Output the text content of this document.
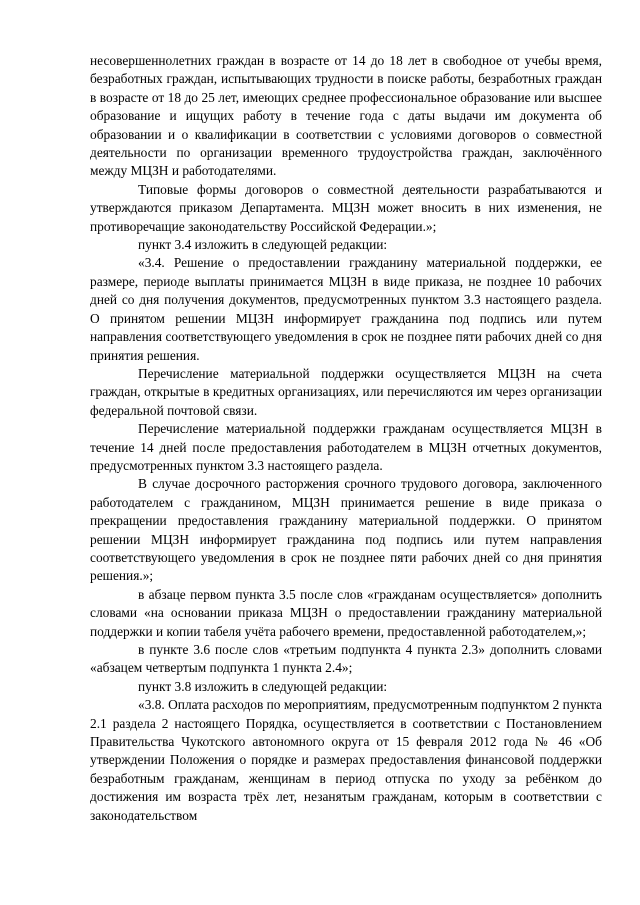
несовершеннолетних граждан в возрасте от 14 до 18 лет в свободное от учебы время, безработных граждан, испытывающих трудности в поиске работы, безработных граждан в возрасте от 18 до 25 лет, имеющих среднее профессиональное образование или высшее образование и ищущих работу в течение года с даты выдачи им документа об образовании и о квалификации в соответствии с условиями договоров о совместной деятельности по организации временного трудоустройства граждан, заключённого между МЦЗН и работодателями.

Типовые формы договоров о совместной деятельности разрабатываются и утверждаются приказом Департамента. МЦЗН может вносить в них изменения, не противоречащие законодательству Российской Федерации.»;

пункт 3.4 изложить в следующей редакции:

«3.4. Решение о предоставлении гражданину материальной поддержки, ее размере, периоде выплаты принимается МЦЗН в виде приказа, не позднее 10 рабочих дней со дня получения документов, предусмотренных пунктом 3.3 настоящего раздела. О принятом решении МЦЗН информирует гражданина под подпись или путем направления соответствующего уведомления в срок не позднее пяти рабочих дней со дня принятия решения.

Перечисление материальной поддержки осуществляется МЦЗН на счета граждан, открытые в кредитных организациях, или перечисляются им через организации федеральной почтовой связи.

Перечисление материальной поддержки гражданам осуществляется МЦЗН в течение 14 дней после предоставления работодателем в МЦЗН отчетных документов, предусмотренных пунктом 3.3 настоящего раздела.

В случае досрочного расторжения срочного трудового договора, заключенного работодателем с гражданином, МЦЗН принимается решение в виде приказа о прекращении предоставления гражданину материальной поддержки. О принятом решении МЦЗН информирует гражданина под подпись или путем направления соответствующего уведомления в срок не позднее пяти рабочих дней со дня принятия решения.»;

в абзаце первом пункта 3.5 после слов «гражданам осуществляется» дополнить словами «на основании приказа МЦЗН о предоставлении гражданину материальной поддержки и копии табеля учёта рабочего времени, предоставленной работодателем,»;

в пункте 3.6 после слов «третьим подпункта 4 пункта 2.3» дополнить словами «абзацем четвертым подпункта 1 пункта 2.4»;

пункт 3.8 изложить в следующей редакции:

«3.8. Оплата расходов по мероприятиям, предусмотренным подпунктом 2 пункта 2.1 раздела 2 настоящего Порядка, осуществляется в соответствии с Постановлением Правительства Чукотского автономного округа от 15 февраля 2012 года № 46 «Об утверждении Положения о порядке и размерах предоставления финансовой поддержки безработным гражданам, женщинам в период отпуска по уходу за ребёнком до достижения им возраста трёх лет, незанятым гражданам, которым в соответствии с законодательством
